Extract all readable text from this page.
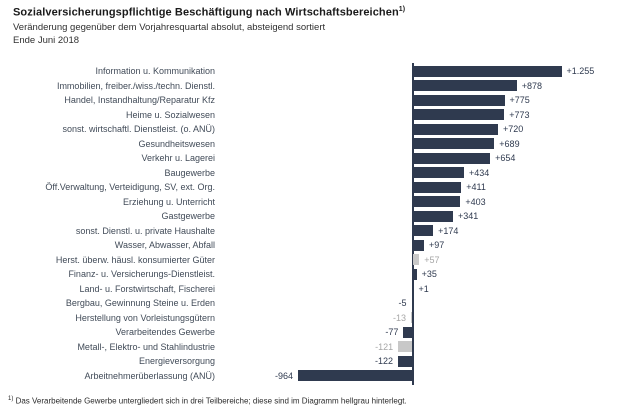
Sozialversicherungspflichtige Beschäftigung nach Wirtschaftsbereichen$^{1)}$
Veränderung gegenüber dem Vorjahresquartal absolut, absteigend sortiert
Ende Juni 2018
Information u. Kommunikation	+1.255
Immobilien, freiber./wiss./techn. Dienstl.	+878
Handel, Instandhaltung/Reparatur Kfz	+775
Heime u. Sozialwesen	+773
sonst. wirtschaftl. Dienstleist. (o. ANÜ)	+720
Gesundheitswesen	+689
Verkehr u. Lagerei	+654
Baugewerbe	+434
Öff.Verwaltung, Verteidigung, SV, ext. Org.	+411
Erziehung u. Unterricht	+403
Gastgewerbe	+341
sonst. Dienstl. u. private Haushalte	+174
Wasser, Abwasser, Abfall	+97
Herst. überw. häusl. konsumierter Güter	+57
Finanz- u. Versicherungs-Dienstleist.	+35
Land- u. Forstwirtschaft, Fischerei	+1
Bergbau, Gewinnung Steine u. Erden	-5
Herstellung von Vorleistungsgütern	-13
Verarbeitendes Gewerbe	-77
Metall-, Elektro- und Stahlindustrie	-121
Energieversorgung	-122
Arbeitnehmerüberlassung (ANÜ)	-964
$^{1)}$ Das Verarbeitende Gewerbe untergliedert sich in drei Teilbereiche; diese sind im Diagramm hellgrau hinterlegt.
